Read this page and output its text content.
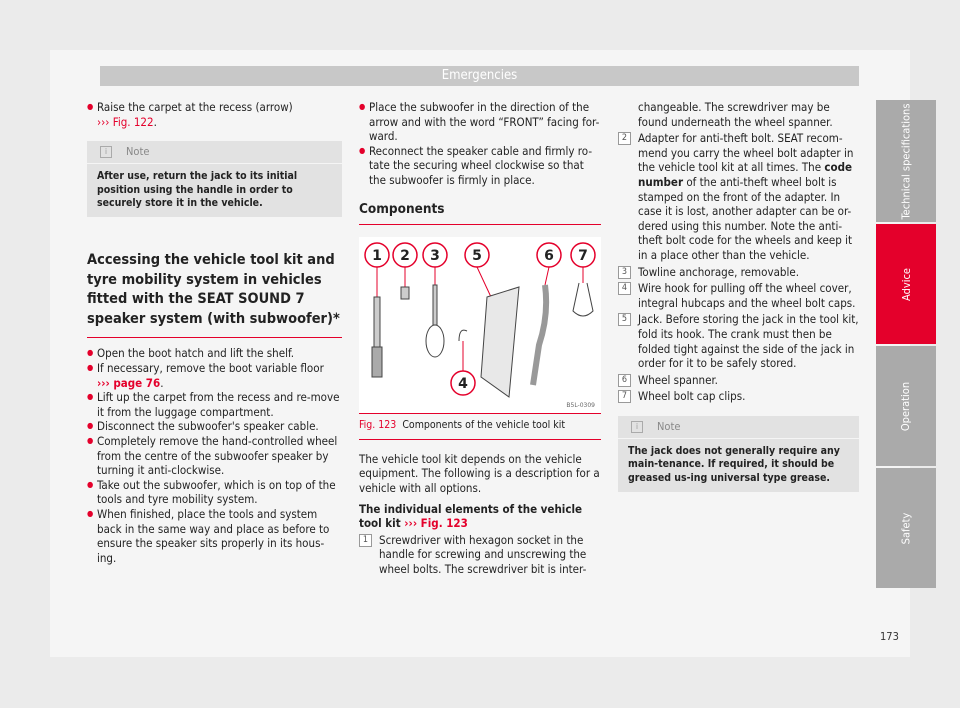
Emergencies
● Raise the carpet at the recess (arrow)
››› Fig. 122.
i	Note
After use, return the jack to its initial position using the handle in order to securely store it in the vehicle.
Accessing the vehicle tool kit and tyre mobility system in vehicles fitted with the SEAT SOUND 7 speaker system (with subwoofer)*
● Open the boot hatch and lift the shelf.
● If necessary, remove the boot variable floor
››› page 76.
● Lift up the carpet from the recess and re-move it from the luggage compartment.
● Disconnect the subwoofer's speaker cable.
● Completely remove the hand-controlled wheel from the centre of the subwoofer speaker by turning it anti-clockwise.
● Take out the subwoofer, which is on top of the tools and tyre mobility system.
● When finished, place the tools and system back in the same way and place as before to ensure the speaker sits properly in its hous-ing.
● Place the subwoofer in the direction of the arrow and with the word “FRONT” facing for-ward.
● Reconnect the speaker cable and firmly ro-tate the securing wheel clockwise so that the subwoofer is firmly in place.
Components
1 2 3 5	6 7
4
B5L-0309
Fig. 123 Components of the vehicle tool kit
The vehicle tool kit depends on the vehicle equipment. The following is a description for a vehicle with all options.
The individual elements of the vehicle tool kit ››› Fig. 123
1 Screwdriver with hexagon socket in the handle for screwing and unscrewing the wheel bolts. The screwdriver bit is inter-
changeable. The screwdriver may be found underneath the wheel spanner.
2 Adapter for anti-theft bolt. SEAT recom-mend you carry the wheel bolt adapter in the vehicle tool kit at all times. The code number of the anti-theft wheel bolt is stamped on the front of the adapter. In case it is lost, another adapter can be or-dered using this number. Note the anti-theft bolt code for the wheels and keep it in a place other than the vehicle.
3 Towline anchorage, removable.
4 Wire hook for pulling off the wheel cover, integral hubcaps and the wheel bolt caps.
5 Jack. Before storing the jack in the tool kit, fold its hook. The crank must then be folded tight against the side of the jack in order for it to be safely stored.
6 Wheel spanner.
7 Wheel bolt cap clips.
i	Note
The jack does not generally require any main-tenance. If required, it should be greased us-ing universal type grease.
Technical specifications
Advice
Operation
Safety
173
